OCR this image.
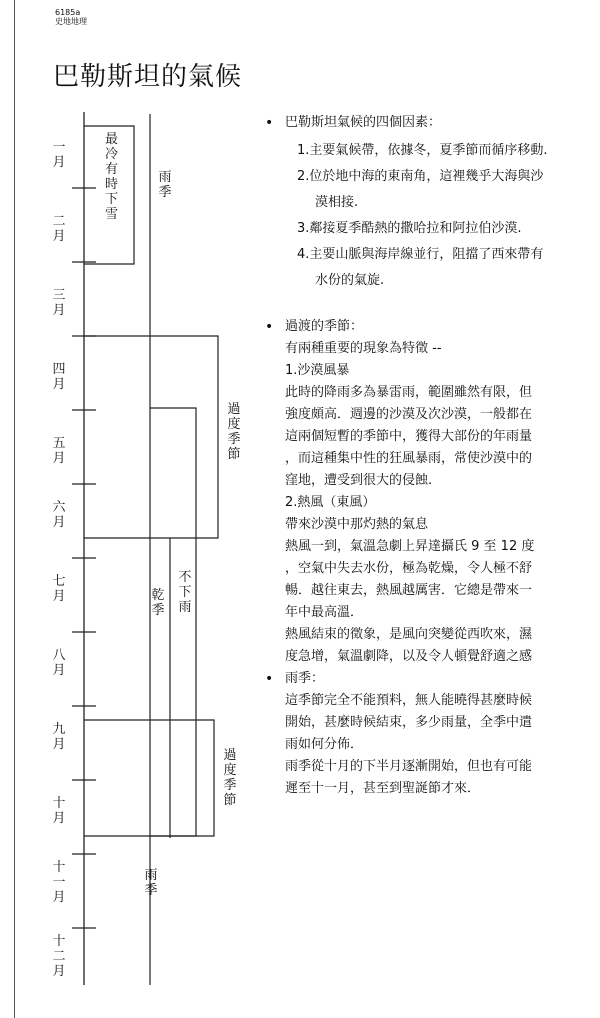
6185a
史地地理
巴勒斯坦的氣候
一月
二月
三月
四月
五月
六月
七月
八月
九月
十月
十一月
十二月
最冷有時下雪
雨季
過度季節
不下雨
乾季
過度季節
雨季

• 巴勒斯坦氣候的四個因素：

1.主要氣候帶，依據冬，夏季節而循序移動.

2.位於地中海的東南角，這裡幾乎大海與沙

漠相接.

3.鄰接夏季酷熱的撒哈拉和阿拉伯沙漠.

4.主要山脈與海岸線並行，阻擋了西來帶有

水份的氣旋.

• 過渡的季節：

有兩種重要的現象為特徵 --

1.沙漠風暴

此時的降雨多為暴雷雨，範圍雖然有限，但

強度頗高．週邊的沙漠及次沙漠，一般都在

這兩個短暫的季節中，獲得大部份的年雨量

，而這種集中性的狂風暴雨，常使沙漠中的

窪地，遭受到很大的侵蝕.

2.熱風（東風）

帶來沙漠中那灼熱的氣息

熱風一到，氣溫急劇上昇達攝氏 9 至 12 度

，空氣中失去水份，極為乾燥，令人極不舒

暢．越往東去，熱風越厲害．它總是帶來一

年中最高溫．

熱風結束的徵象，是風向突變從西吹來，濕

度急增，氣溫劇降，以及令人頓覺舒適之感

• 雨季：

這季節完全不能預料，無人能曉得甚麼時候

開始，甚麼時候結束，多少雨量，全季中遣

雨如何分佈．

雨季從十月的下半月逐漸開始，但也有可能

遲至十一月，甚至到聖誕節才來．
